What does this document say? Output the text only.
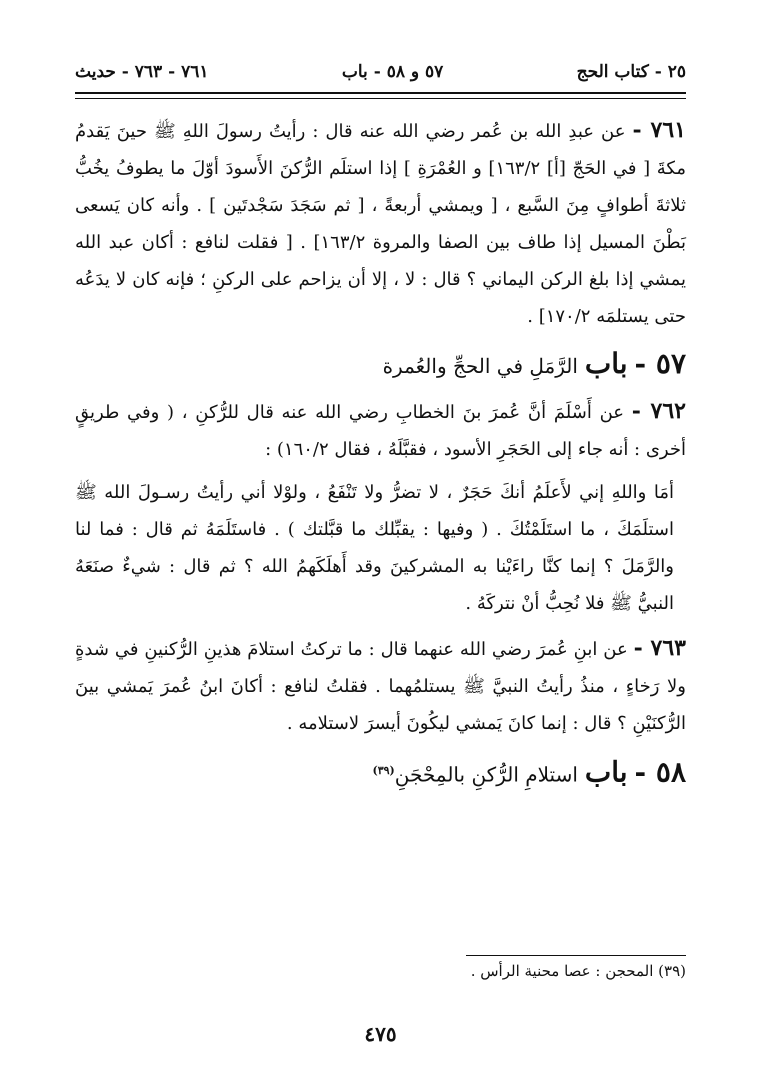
٢٥ - كتاب الحج
٥٧ و ٥٨ - باب
٧٦١ - ٧٦٣ - حديث

٧٦١ - عن عبدِ الله بن عُمر رضي الله عنه قال : رأيتُ رسولَ اللهِ ﷺ حينَ يَقدمُ مكةَ [ في الحَجّ [أ] ١٦٣/٢] و العُمْرَةِ ] إذا استلَم الرُّكنَ الأَسودَ أوّلَ ما يطوفُ يخُبُّ ثلاثةَ أطوافٍ مِنَ السَّبع ، [ ويمشي أربعةً ، [ ثم سَجَدَ سَجْدتَين ] . وأنه كان يَسعى بَطْنَ المسيل إذا طاف بين الصفا والمروة ١٦٣/٢] . [ فقلت لنافع : أكان عبد الله يمشي إذا بلغ الركن اليماني ؟ قال : لا ، إلا أن يزاحم على الركنِ ؛ فإنه كان لا يدَعُه حتى يستلمَه ١٧٠/٢] .

٥٧ - باب الرَّمَلِ في الحجِّ والعُمرة

٧٦٢ - عن أَسْلَمَ أنَّ عُمرَ بنَ الخطابِ رضي الله عنه قال للرُّكنِ ، ( وفي طريقٍ أخرى : أنه جاء إلى الحَجَرِ الأسود ، فقبَّلَهُ ، فقال ١٦٠/٢) :

أمَا واللهِ إني لأَعلَمُ أنكَ حَجَرٌ ، لا تضرُّ ولا تَنْفَعُ ، ولوْلا أني رأيتُ رسـولَ الله ﷺ استلَمَكَ ، ما استَلَمْتُكَ . ( وفيها : يقبِّلك ما قبَّلتك ) . فاستَلَمَهُ ثم قال : فما لنا والرَّمَلَ ؟ إنما كنَّا راءَيْنا به المشركينَ وقد أَهلَكَهمُ الله ؟ ثم قال : شيءٌ صنَعَهُ النبيُّ ﷺ فلا نُحِبُّ أنْ نتركَهُ .

٧٦٣ - عن ابنِ عُمرَ رضي الله عنهما قال : ما تركتُ استلامَ هذينِ الرُّكنينِ في شدةٍ ولا رَخاءٍ ، منذُ رأيتُ النبيَّ ﷺ يستلمُهما . فقلتُ لنافع : أكانَ ابنُ عُمرَ يَمشي بينَ الرُّكنَيْنِ ؟ قال : إنما كانَ يَمشي ليكُونَ أيسرَ لاستلامه .

٥٨ - باب استلامِ الرُّكنِ بالمِحْجَنِ$^{(٣٩)}$
(٣٩) المحجن : عصا محنية الرأس .
٤٧٥
